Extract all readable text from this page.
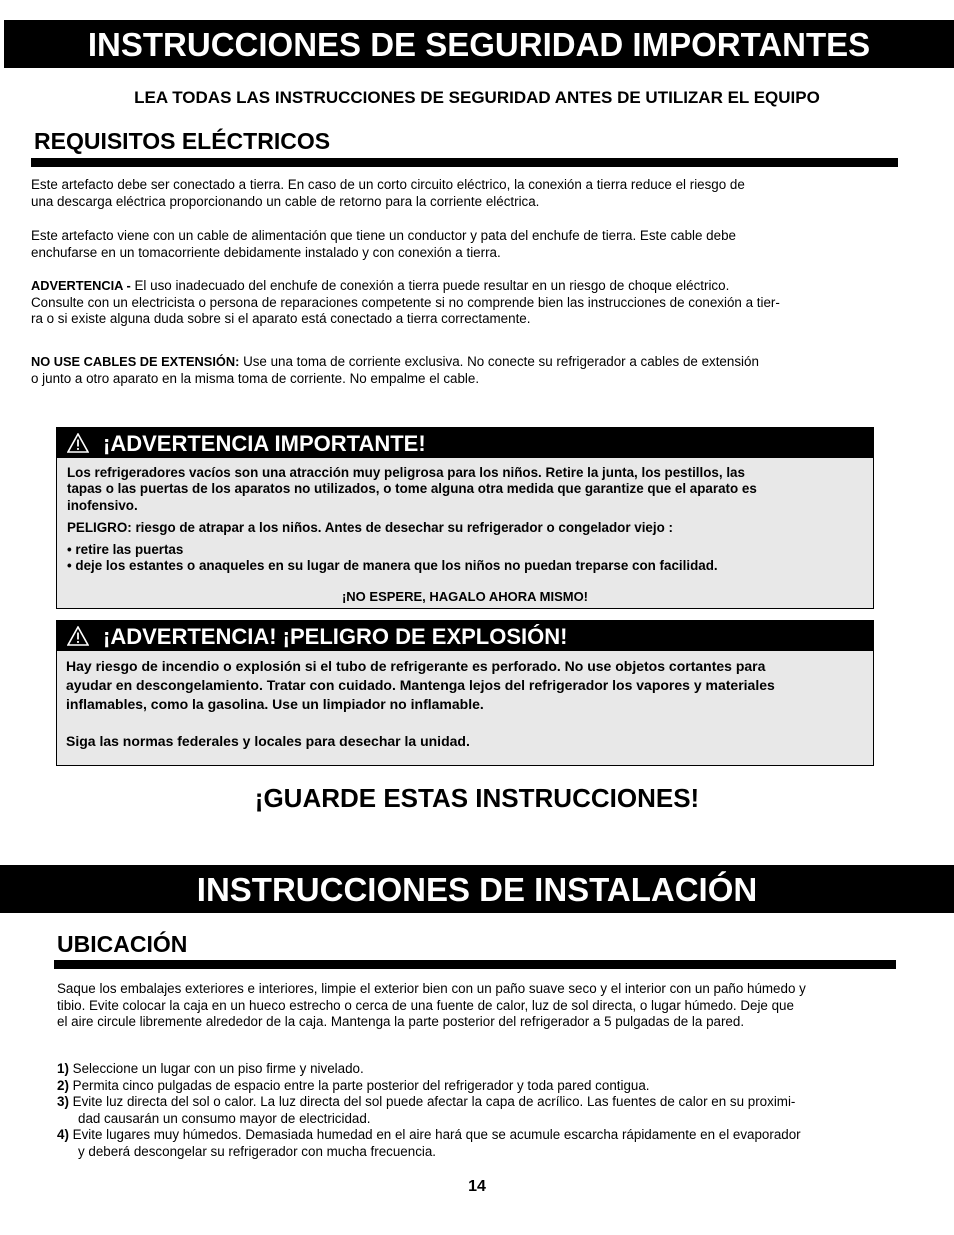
INSTRUCCIONES DE SEGURIDAD IMPORTANTES
LEA TODAS LAS INSTRUCCIONES DE SEGURIDAD ANTES DE UTILIZAR EL EQUIPO
REQUISITOS ELÉCTRICOS
Este artefacto debe ser conectado a tierra. En caso de un corto circuito eléctrico, la conexión a tierra reduce el riesgo de
una descarga eléctrica proporcionando un cable de retorno para la corriente eléctrica.
Este artefacto viene con un cable de alimentación que tiene un conductor y pata del enchufe de tierra. Este cable debe
enchufarse en un tomacorriente debidamente instalado y con conexión a tierra.
ADVERTENCIA - El uso inadecuado del enchufe de conexión a tierra puede resultar en un riesgo de choque eléctrico.
Consulte con un electricista o persona de reparaciones competente si no comprende bien las instrucciones de conexión a tier-
ra o si existe alguna duda sobre si el aparato está conectado a tierra correctamente.
NO USE CABLES DE EXTENSIÓN: Use una toma de corriente exclusiva. No conecte su refrigerador a cables de extensión
o junto a otro aparato en la misma toma de corriente. No empalme el cable.
¡ADVERTENCIA IMPORTANTE!
Los refrigeradores vacíos son una atracción muy peligrosa para los niños. Retire la junta, los pestillos, las
tapas o las puertas de los aparatos no utilizados, o tome alguna otra medida que garantize que el aparato es
inofensivo.
PELIGRO: riesgo de atrapar a los niños. Antes de desechar su refrigerador o congelador viejo :
• retire las puertas
• deje los estantes o anaqueles en su lugar de manera que los niños no puedan treparse con facilidad.
¡NO ESPERE, HAGALO AHORA MISMO!
¡ADVERTENCIA! ¡PELIGRO DE EXPLOSIÓN!
Hay riesgo de incendio o explosión si el tubo de refrigerante es perforado. No use objetos cortantes para
ayudar en descongelamiento. Tratar con cuidado. Mantenga lejos del refrigerador los vapores y materiales
inflamables, como la gasolina. Use un limpiador no inflamable.
Siga las normas federales y locales para desechar la unidad.
¡GUARDE ESTAS INSTRUCCIONES!
INSTRUCCIONES DE INSTALACIÓN
UBICACIÓN
Saque los embalajes exteriores e interiores, limpie el exterior bien con un paño suave seco y el interior con un paño húmedo y
tibio. Evite colocar la caja en un hueco estrecho o cerca de una fuente de calor, luz de sol directa, o lugar húmedo. Deje que
el aire circule libremente alrededor de la caja. Mantenga la parte posterior del refrigerador a 5 pulgadas de la pared.
1) Seleccione un lugar con un piso firme y nivelado.
2) Permita cinco pulgadas de espacio entre la parte posterior del refrigerador y toda pared contigua.
3) Evite luz directa del sol o calor. La luz directa del sol puede afectar la capa de acrílico. Las fuentes de calor en su proximi-
dad causarán un consumo mayor de electricidad.
4) Evite lugares muy húmedos. Demasiada humedad en el aire hará que se acumule escarcha rápidamente en el evaporador
y deberá descongelar su refrigerador con mucha frecuencia.
14
